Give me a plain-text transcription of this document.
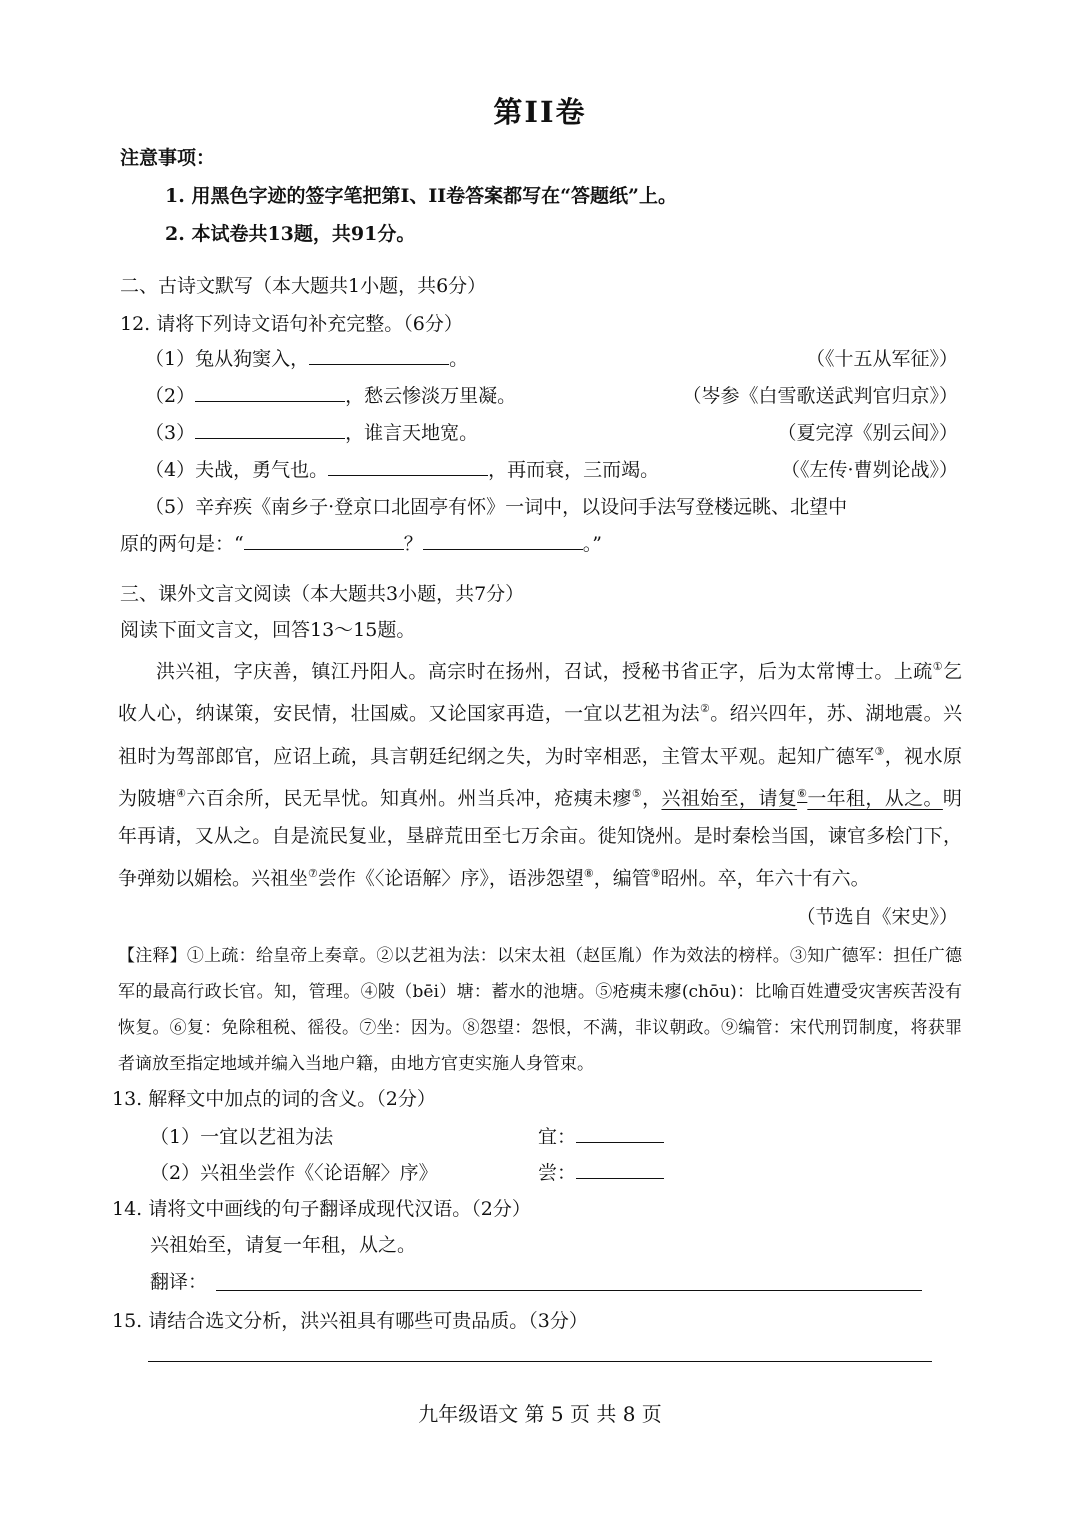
第II卷
注意事项：
1. 用黑色字迹的签字笔把第I、II卷答案都写在“答题纸”上。
2. 本试卷共13题，共91分。
二、古诗文默写（本大题共1小题，共6分）
12. 请将下列诗文语句补充完整。（6分）
（1）兔从狗窦入，	。	（《十五从军征》）
（2）	，愁云惨淡万里凝。	（岑参《白雪歌送武判官归京》）
（3）	，谁言天地宽。	（夏完淳《别云间》）
（4）夫战，勇气也。	，再而衰，三而竭。	（《左传·曹刿论战》）
（5）辛弃疾《南乡子·登京口北固亭有怀》一词中，以设问手法写登楼远眺、北望中
原的两句是：“	？	。”
三、课外文言文阅读（本大题共3小题，共7分）
阅读下面文言文，回答13～15题。
洪兴祖，字庆善，镇江丹阳人。高宗时在扬州，召试，授秘书省正字，后为太常博士。上疏①乞收人心，纳谋策，安民情，壮国威。又论国家再造，一宜以艺祖为法②。绍兴四年，苏、湖地震。兴祖时为驾部郎官，应诏上疏，具言朝廷纪纲之失，为时宰相恶，主管太平观。起知广德军③，视水原为陂塘④六百余所，民无旱忧。知真州。州当兵冲，疮痍未瘳⑤，兴祖始至，请复⑥一年租，从之。明年再请，又从之。自是流民复业，垦辟荒田至七万余亩。徙知饶州。是时秦桧当国，谏官多桧门下，争弹劾以媚桧。兴祖坐⑦尝作《〈论语解〉序》，语涉怨望⑧，编管⑨昭州。卒，年六十有六。
（节选自《宋史》）
【注释】①上疏：给皇帝上奏章。②以艺祖为法：以宋太祖（赵匡胤）作为效法的榜样。③知广德军：担任广德军的最高行政长官。知，管理。④陂（bēi）塘：蓄水的池塘。⑤疮痍未瘳(chōu)：比喻百姓遭受灾害疾苦没有恢复。⑥复：免除租税、徭役。⑦坐：因为。⑧怨望：怨恨，不满，非议朝政。⑨编管：宋代刑罚制度，将获罪者谪放至指定地域并编入当地户籍，由地方官吏实施人身管束。
13. 解释文中加点的词的含义。（2分）
（1）一宜以艺祖为法	宜：
（2）兴祖坐尝作《〈论语解〉序》	尝：
14. 请将文中画线的句子翻译成现代汉语。（2分）
兴祖始至，请复一年租，从之。
翻译：
15. 请结合选文分析，洪兴祖具有哪些可贵品质。（3分）
九年级语文 第 5 页 共 8 页
